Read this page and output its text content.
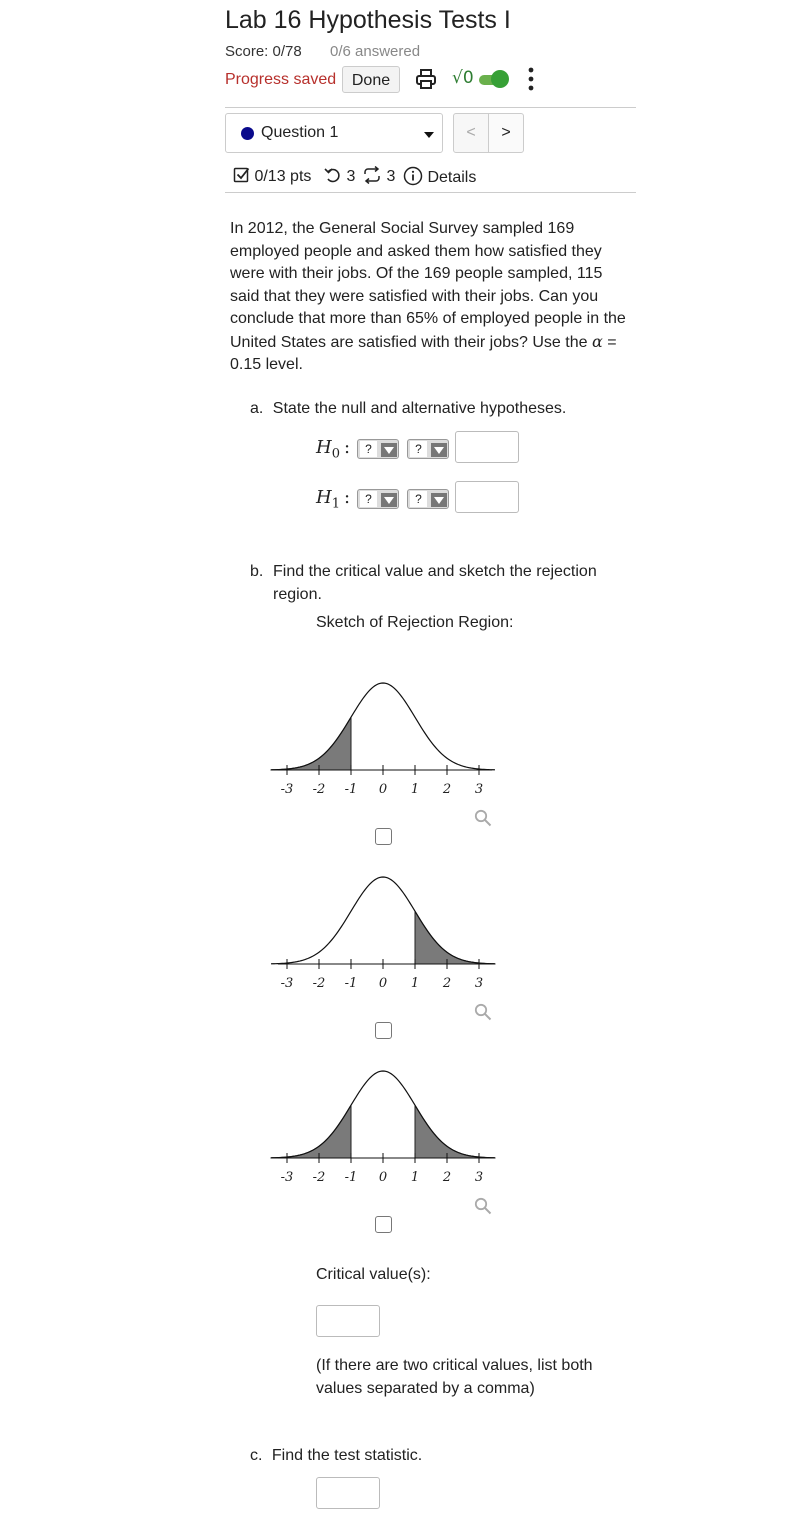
Lab 16 Hypothesis Tests I
Score: 0/78 0/6 answered
Progress saved Done	√0
Question 1	<	>
0/13 pts	3	3	Details
In 2012, the General Social Survey sampled 169 employed people and asked them how satisfied they were with their jobs. Of the 169 people sampled, 115 said that they were satisfied with their jobs. Can you conclude that more than 65% of employed people in the United States are satisfied with their jobs? Use the α = 0.15 level.
a. State the null and alternative hypotheses.
$H_0$ :	?	?
$H_1$ :	?	?
b. Find the critical value and sketch the rejection region.
Sketch of Rejection Region:
-3 -2 -1 0 1 2 3
-3 -2 -1 0 1 2 3
-3 -2 -1 0 1 2 3
Critical value(s):
(If there are two critical values, list both values separated by a comma)
c. Find the test statistic.
